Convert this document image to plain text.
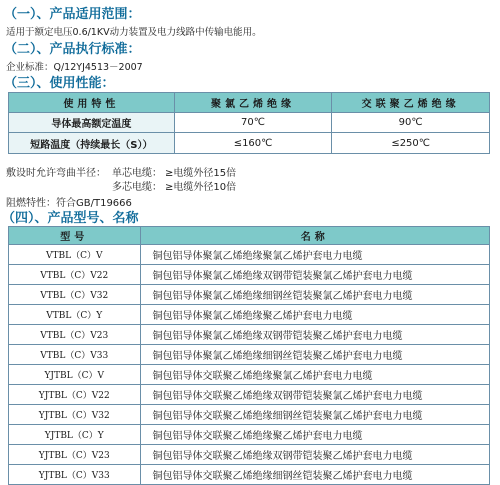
（一）、产品适用范围：
适用于额定电压0.6/1KV动力装置及电力线路中传输电能用。
（二）、产品执行标准：
企业标准：Q/12YJ4513－2007
（三）、使用性能：
使用特性	聚氯乙烯绝缘	交联聚乙烯绝缘
导体最高额定温度	70℃	90℃
短路温度（持续最长（S））	≤160℃	≤250℃
敷设时允许弯曲半径： 单芯电缆： ≥电缆外径15倍
多芯电缆： ≥电缆外径10倍
阻燃特性：符合GB/T19666
（四）、产品型号、名称
型号	名称
VTBL（C）V	铜包铝导体聚氯乙烯绝缘聚氯乙烯护套电力电缆
VTBL（C）V22	铜包铝导体聚氯乙烯绝缘双钢带铠装聚氯乙烯护套电力电缆
VTBL（C）V32	铜包铝导体聚氯乙烯绝缘细钢丝铠装聚氯乙烯护套电力电缆
VTBL（C）Y	铜包铝导体聚氯乙烯绝缘聚乙烯护套电力电缆
VTBL（C）V23	铜包铝导体聚氯乙烯绝缘双钢带铠装聚乙烯护套电力电缆
VTBL（C）V33	铜包铝导体聚氯乙烯绝缘细钢丝铠装聚乙烯护套电力电缆
YJTBL（C）V	铜包铝导体交联聚乙烯绝缘聚氯乙烯护套电力电缆
YJTBL（C）V22	铜包铝导体交联聚乙烯绝缘双钢带铠装聚氯乙烯护套电力电缆
YJTBL（C）V32	铜包铝导体交联聚乙烯绝缘细钢丝铠装聚氯乙烯护套电力电缆
YJTBL（C）Y	铜包铝导体交联聚乙烯绝缘聚乙烯护套电力电缆
YJTBL（C）V23	铜包铝导体交联聚乙烯绝缘双钢带铠装聚乙烯护套电力电缆
YJTBL（C）V33	铜包铝导体交联聚乙烯绝缘细钢丝铠装聚乙烯护套电力电缆
